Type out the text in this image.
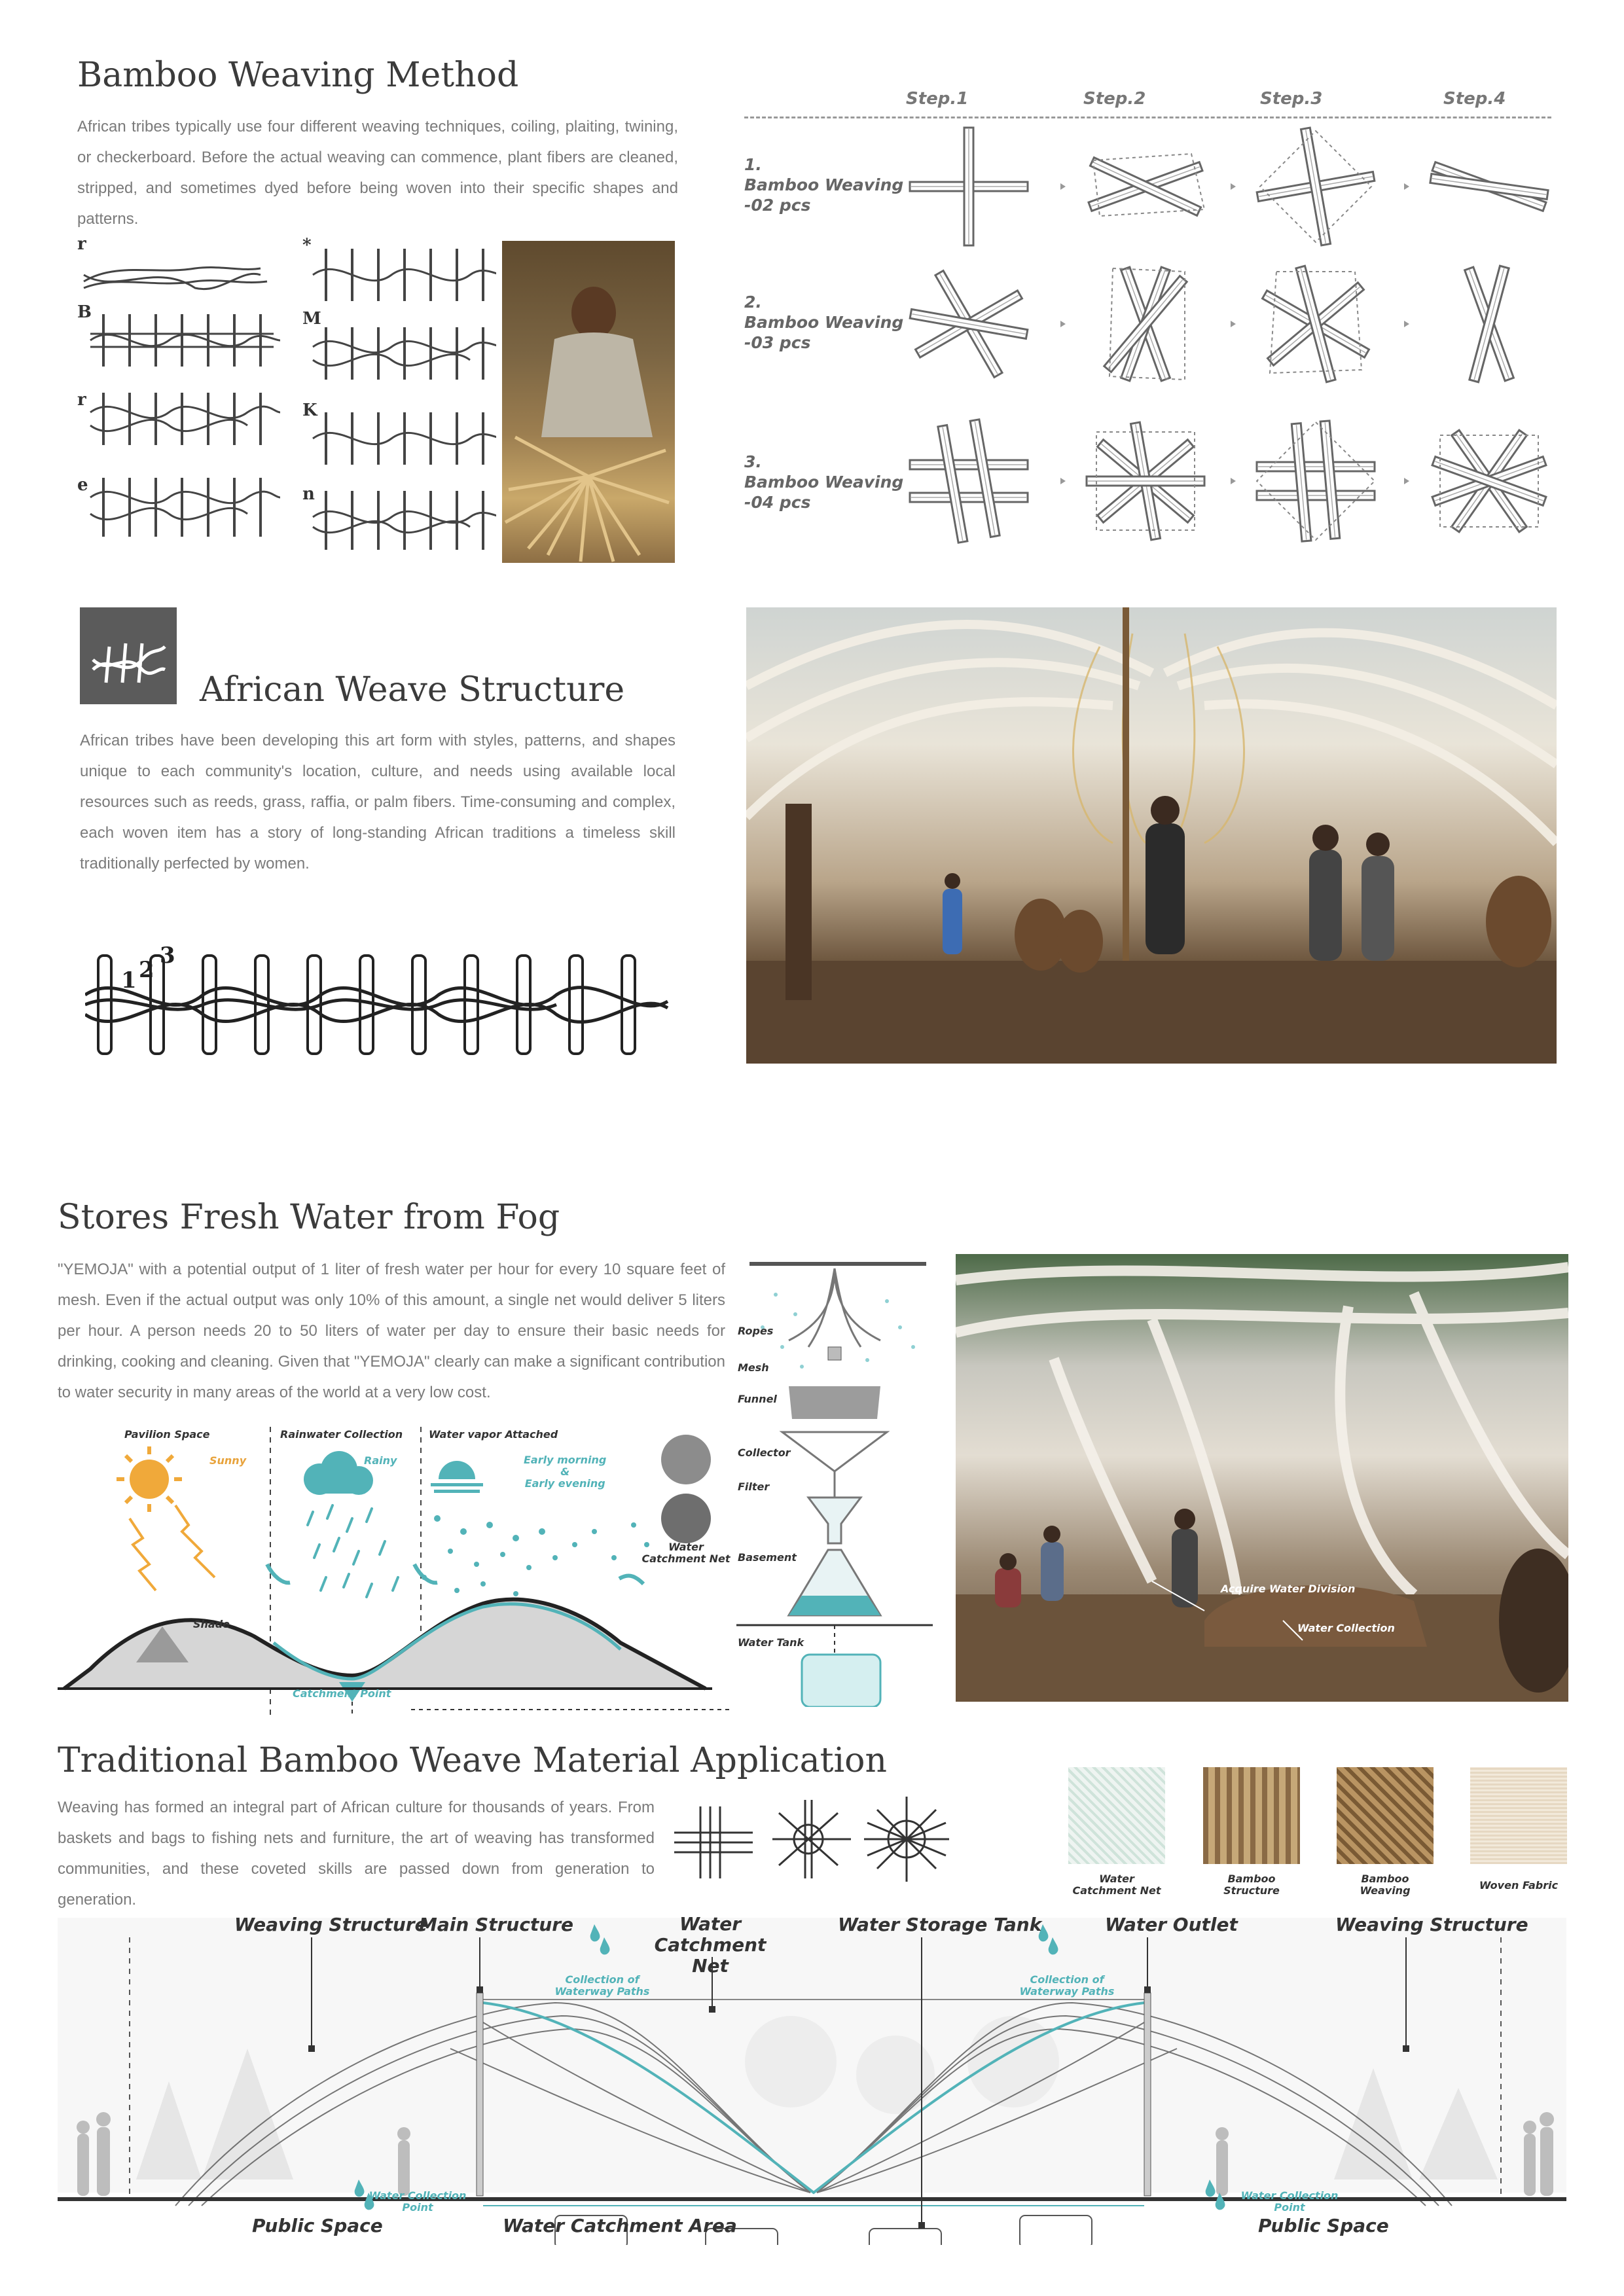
Bamboo Weaving Method

African tribes typically use four different weaving techniques, coiling, plaiting, twining, or checkerboard. Before the actual weaving can commence, plant fibers are cleaned, stripped, and sometimes dyed before being woven into their specific shapes and patterns.

r
B
r
e
*
M
K
n
Step.1	Step.2	Step.3	Step.4
1.
Bamboo Weaving
-02 pcs
2.
Bamboo Weaving
-03 pcs
3.
Bamboo Weaving
-04 pcs
African Weave Structure

African tribes have been developing this art form with styles, patterns, and shapes unique to each community's location, culture, and needs using available local resources such as reeds, grass, raffia, or palm fibers. Time-consuming and complex, each woven item has a story of long-standing African traditions a timeless skill traditionally perfected by women.

1 2
3
Stores Fresh Water from Fog

"YEMOJA" with a potential output of 1 liter of fresh water per hour for every 10 square feet of mesh. Even if the actual output was only 10% of this amount, a single net would deliver 5 liters per hour. A person needs 20 to 50 liters of water per day to ensure their basic needs for drinking, cooking and cleaning. Given that "YEMOJA" clearly can make a significant contribution to water security in many areas of the world at a very low cost.

Pavilion Space	Rainwater Collection Water vapor Attached
Sunny	Rainy	Early morning
&
Early evening
Shade
Water Catchment Net
Catchment Point
Ropes
Mesh
Funnel
Collector
Filter
Basement
Water Tank
Acquire Water Division
Water Collection
Traditional Bamboo Weave Material Application

Weaving has formed an integral part of African culture for thousands of years. From baskets and bags to fishing nets and furniture, the art of weaving has transformed communities, and these coveted skills are passed down from generation to generation.

Water
Catchment Net
Bamboo
Structure
Bamboo
Weaving	Woven Fabric
Weaving Structure
Main Structure	Water
Catchment Net
Water Storage Tank	Water Outlet	Weaving Structure
Collection of
Waterway Paths
Collection of
Waterway Paths
Water Collection
Point
Water Collection
Point
Public Space	Water Catchment Area	Public Space
